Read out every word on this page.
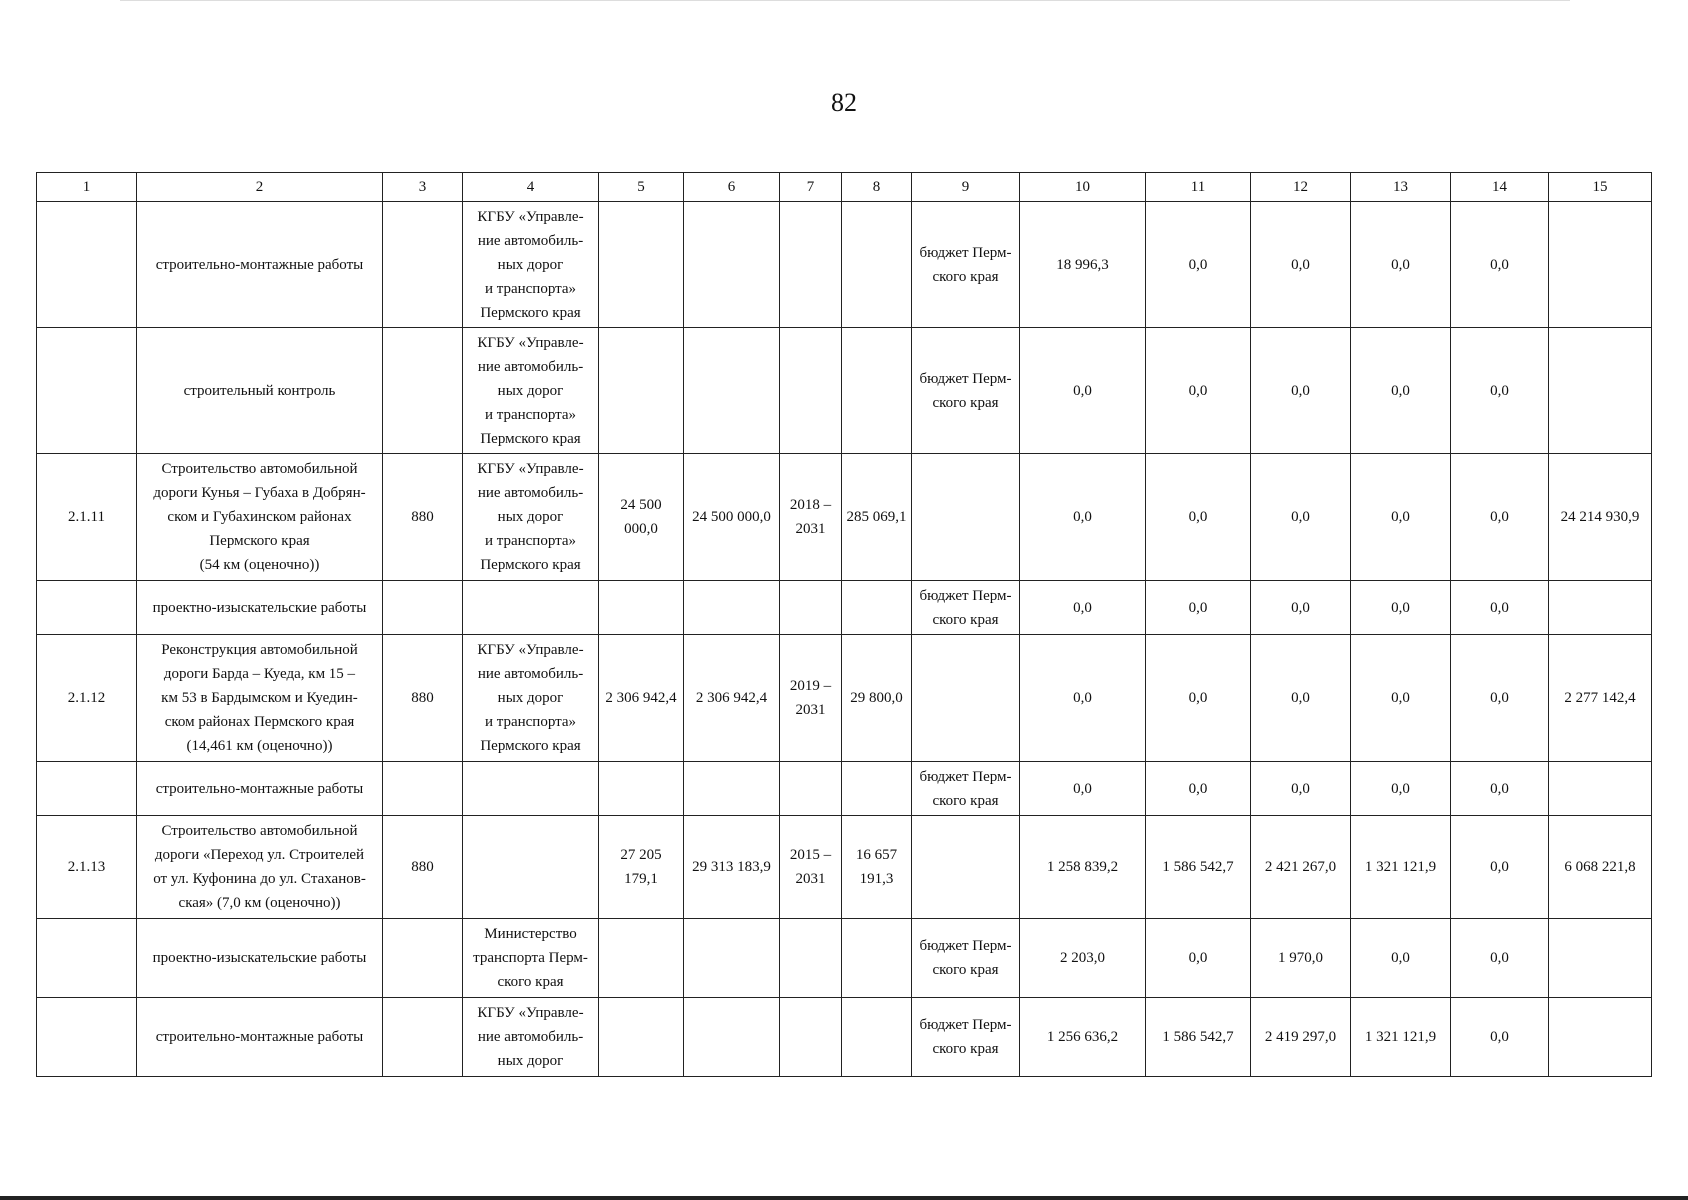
82
1	2	3	4	5	6	7	8	9	10	11	12	13	14	15
	строительно-монтажные работы		КГБУ «Управле-
ние автомобиль-
ных дорог
и транспорта»
Пермского края					бюджет Перм-
ского края	18 996,3	0,0	0,0	0,0	0,0	
	строительный контроль		КГБУ «Управле-
ние автомобиль-
ных дорог
и транспорта»
Пермского края					бюджет Перм-
ского края	0,0	0,0	0,0	0,0	0,0	
2.1.11	Строительство автомобильной
дороги Кунья – Губаха в Добрян-
ском и Губахинском районах
Пермского края
(54 км (оценочно))	880	КГБУ «Управле-
ние автомобиль-
ных дорог
и транспорта»
Пермского края	24 500
000,0	24 500 000,0	2018 –
2031	285 069,1		0,0	0,0	0,0	0,0	0,0	24 214 930,9
	проектно-изыскательские работы							бюджет Перм-
ского края	0,0	0,0	0,0	0,0	0,0	
2.1.12	Реконструкция автомобильной
дороги Барда – Куеда, км 15 –
км 53 в Бардымском и Куедин-
ском районах Пермского края
(14,461 км (оценочно))	880	КГБУ «Управле-
ние автомобиль-
ных дорог
и транспорта»
Пермского края	2 306 942,4	2 306 942,4	2019 –
2031	29 800,0		0,0	0,0	0,0	0,0	0,0	2 277 142,4
	строительно-монтажные работы							бюджет Перм-
ского края	0,0	0,0	0,0	0,0	0,0	
2.1.13	Строительство автомобильной
дороги «Переход ул. Строителей
от ул. Куфонина до ул. Стаханов-
ская» (7,0 км (оценочно))	880		27 205
179,1	29 313 183,9	2015 –
2031	16 657
191,3		1 258 839,2	1 586 542,7	2 421 267,0	1 321 121,9	0,0	6 068 221,8
	проектно-изыскательские работы		Министерство
транспорта Перм-
ского края					бюджет Перм-
ского края	2 203,0	0,0	1 970,0	0,0	0,0	
	строительно-монтажные работы		КГБУ «Управле-
ние автомобиль-
ных дорог					бюджет Перм-
ского края	1 256 636,2	1 586 542,7	2 419 297,0	1 321 121,9	0,0	
